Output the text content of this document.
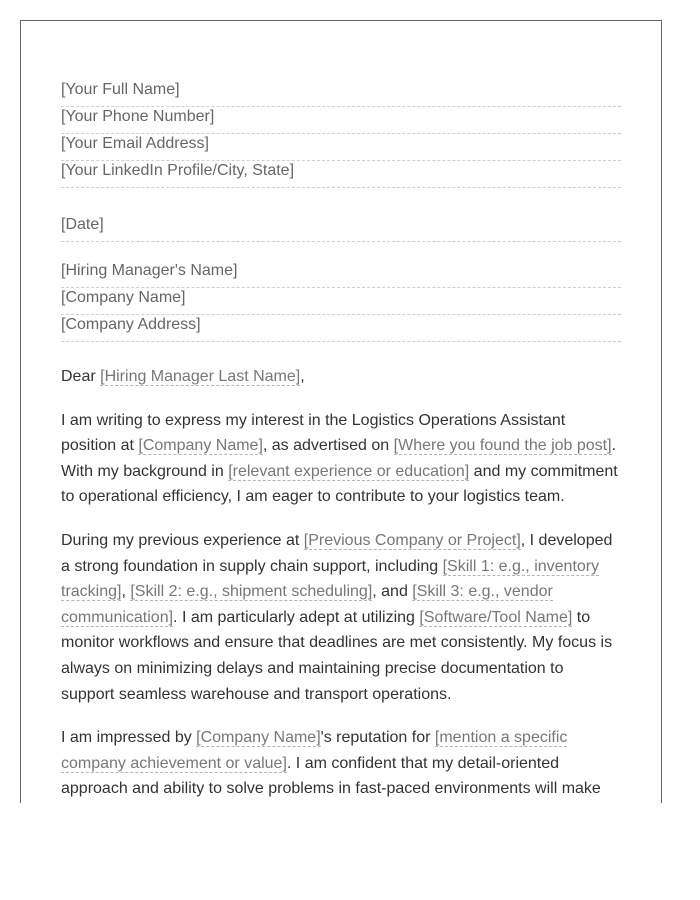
[Your Full Name]
[Your Phone Number]
[Your Email Address]
[Your LinkedIn Profile/City, State]
[Date]
[Hiring Manager's Name]
[Company Name]
[Company Address]
Dear [Hiring Manager Last Name],

I am writing to express my interest in the Logistics Operations Assistant position at [Company Name], as advertised on [Where you found the job post]. With my background in [relevant experience or education] and my commitment to operational efficiency, I am eager to contribute to your logistics team.

During my previous experience at [Previous Company or Project], I developed a strong foundation in supply chain support, including [Skill 1: e.g., inventory tracking], [Skill 2: e.g., shipment scheduling], and [Skill 3: e.g., vendor communication]. I am particularly adept at utilizing [Software/Tool Name] to monitor workflows and ensure that deadlines are met consistently. My focus is always on minimizing delays and maintaining precise documentation to support seamless warehouse and transport operations.

I am impressed by [Company Name]'s reputation for [mention a specific company achievement or value]. I am confident that my detail-oriented approach and ability to solve problems in fast-paced environments will make
